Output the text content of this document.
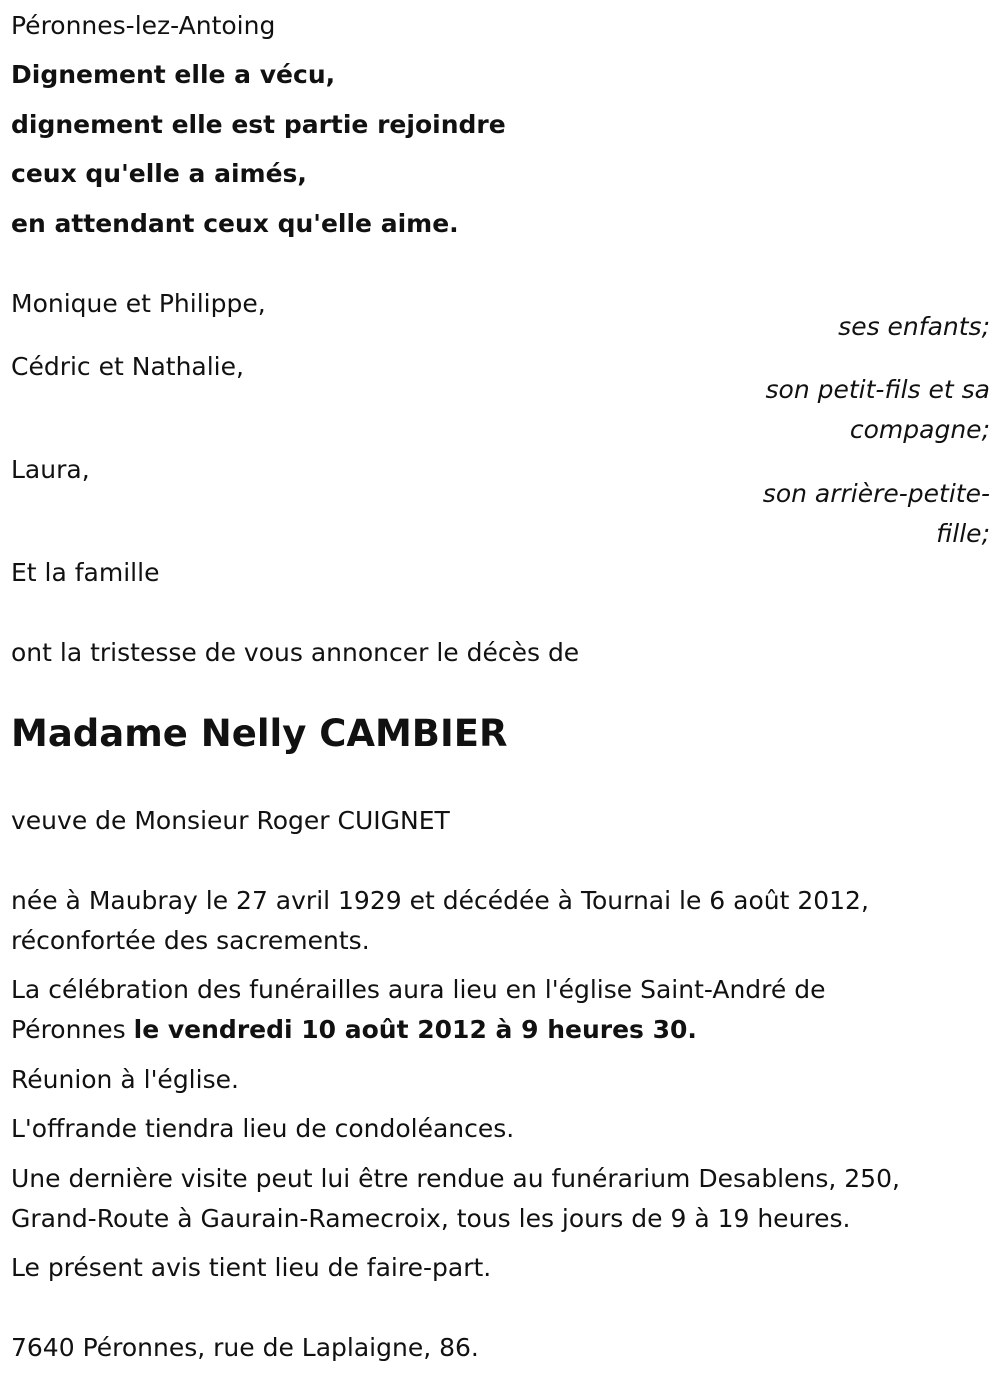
Péronnes-lez-Antoing
Dignement elle a vécu,
dignement elle est partie rejoindre
ceux qu'elle a aimés,
en attendant ceux qu'elle aime.
Monique et Philippe,
ses enfants;
Cédric et Nathalie,
son petit-fils et sa
compagne;
Laura,
son arrière-petite-
fille;
Et la famille
ont la tristesse de vous annoncer le décès de
Madame Nelly CAMBIER
veuve de Monsieur Roger CUIGNET
née à Maubray le 27 avril 1929 et décédée à Tournai le 6 août 2012,
réconfortée des sacrements.
La célébration des funérailles aura lieu en l'église Saint-André de
Péronnes le vendredi 10 août 2012 à 9 heures 30.
Réunion à l'église.
L'offrande tiendra lieu de condoléances.
Une dernière visite peut lui être rendue au funérarium Desablens, 250,
Grand-Route à Gaurain-Ramecroix, tous les jours de 9 à 19 heures.
Le présent avis tient lieu de faire-part.
7640 Péronnes, rue de Laplaigne, 86.
